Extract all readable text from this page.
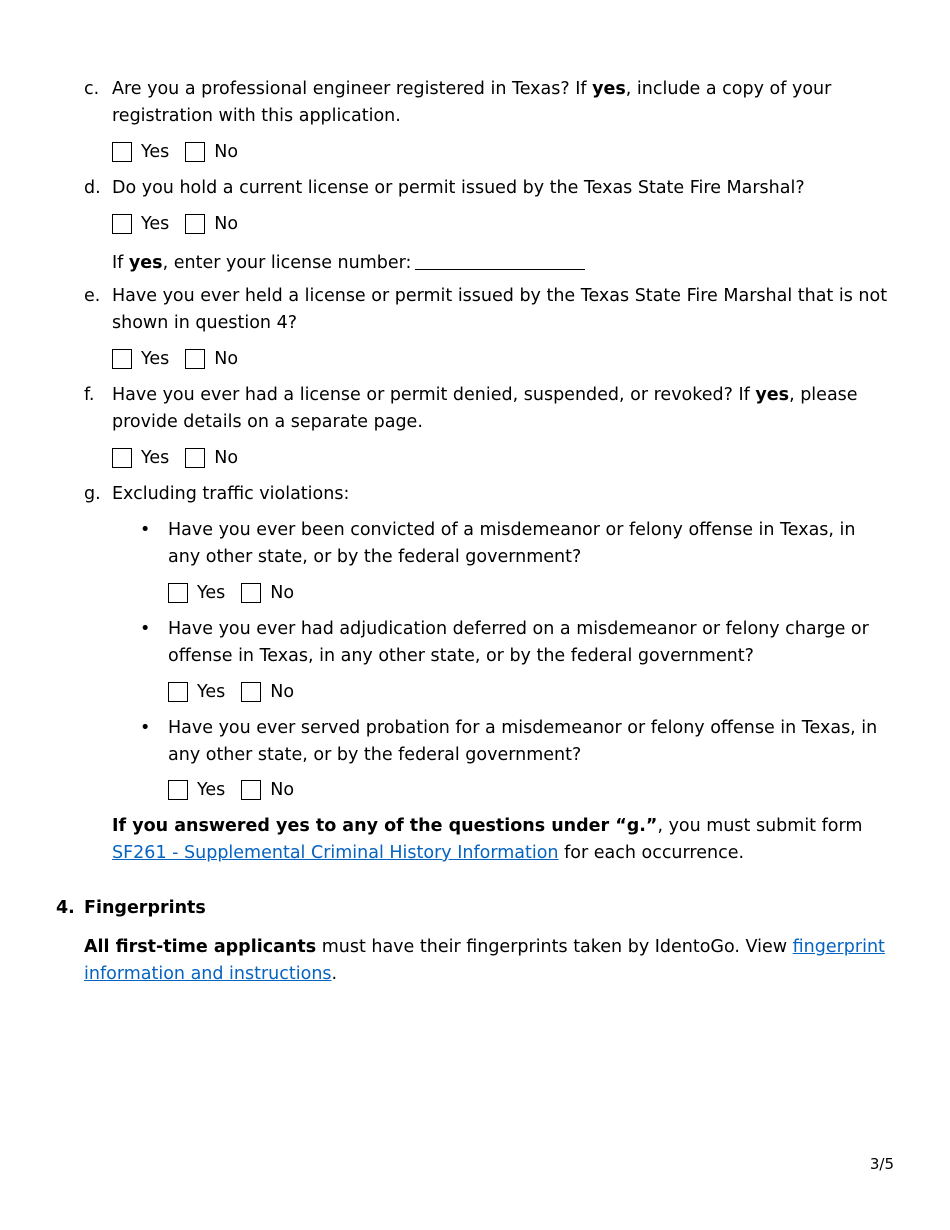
c. Are you a professional engineer registered in Texas? If yes, include a copy of your registration with this application.
Yes	No
d. Do you hold a current license or permit issued by the Texas State Fire Marshal?
Yes	No
If yes, enter your license number:
e. Have you ever held a license or permit issued by the Texas State Fire Marshal that is not shown in question 4?
Yes	No
f.	Have you ever had a license or permit denied, suspended, or revoked? If yes, please provide details on a separate page.
Yes	No
g. Excluding traffic violations:
•	Have you ever been convicted of a misdemeanor or felony offense in Texas, in any other state, or by the federal government?
Yes	No
•	Have you ever had adjudication deferred on a misdemeanor or felony charge or offense in Texas, in any other state, or by the federal government?
Yes	No
•	Have you ever served probation for a misdemeanor or felony offense in Texas, in any other state, or by the federal government?
Yes	No
If you answered yes to any of the questions under “g.”, you must submit form SF261 - Supplemental Criminal History Information for each occurrence.
4. Fingerprints
All first-time applicants must have their fingerprints taken by IdentoGo. View fingerprint information and instructions.
3/5
